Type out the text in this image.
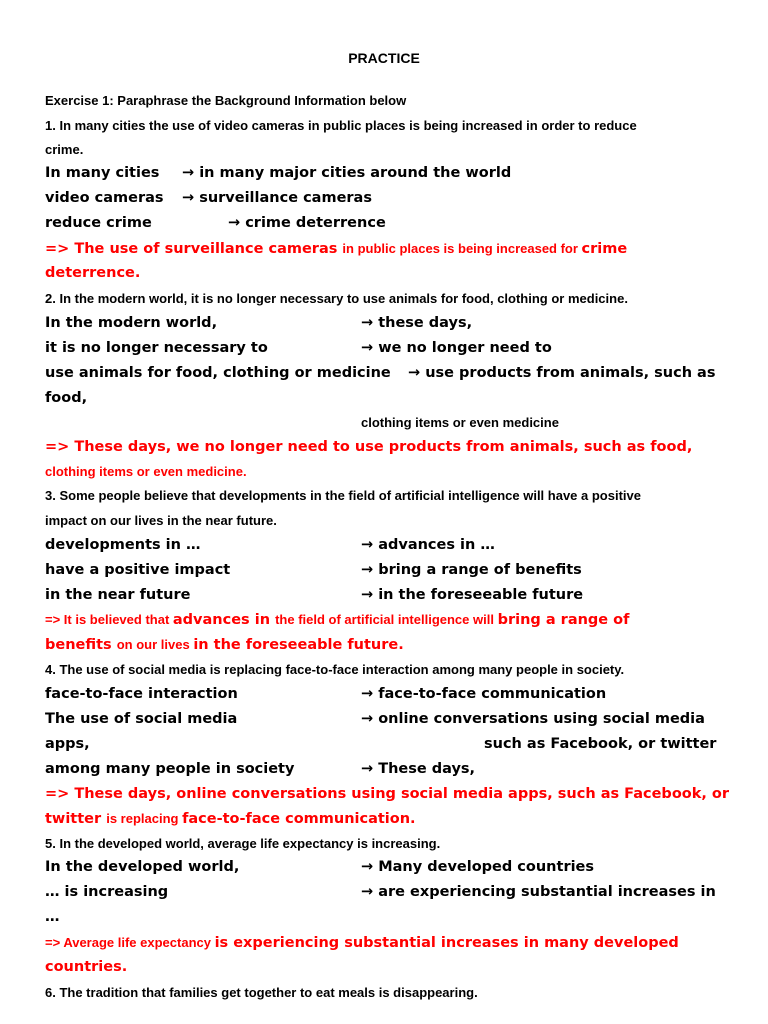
PRACTICE
Exercise 1: Paraphrase the Background Information below
1. In many cities the use of video cameras in public places is being increased in order to reduce
crime.
In many cities → in many major cities around the world
video cameras → surveillance cameras
reduce crime	→ crime deterrence
=> The use of surveillance cameras in public places is being increased for crime
deterrence.
2. In the modern world, it is no longer necessary to use animals for food, clothing or medicine.
In the modern world,	→ these days,
it is no longer necessary to	→ we no longer need to
use animals for food, clothing or medicine → use products from animals, such as
food,
clothing items or even medicine
=> These days, we no longer need to use products from animals, such as food,
clothing items or even medicine.
3. Some people believe that developments in the field of artificial intelligence will have a positive
impact on our lives in the near future.
developments in …	→ advances in …
have a positive impact	→ bring a range of benefits
in the near future	→ in the foreseeable future
=> It is believed that advances in the field of artificial intelligence will bring a range of
benefits on our lives in the foreseeable future.
4. The use of social media is replacing face-to-face interaction among many people in society.
face-to-face interaction	→ face-to-face communication
The use of social media	→ online conversations using social media
apps,	such as Facebook, or twitter
among many people in society	→ These days,
=> These days, online conversations using social media apps, such as Facebook, or
twitter is replacing face-to-face communication.
5. In the developed world, average life expectancy is increasing.
In the developed world,	→ Many developed countries
… is increasing	→ are experiencing substantial increases in
…
=> Average life expectancy is experiencing substantial increases in many developed
countries.
6. The tradition that families get together to eat meals is disappearing.
